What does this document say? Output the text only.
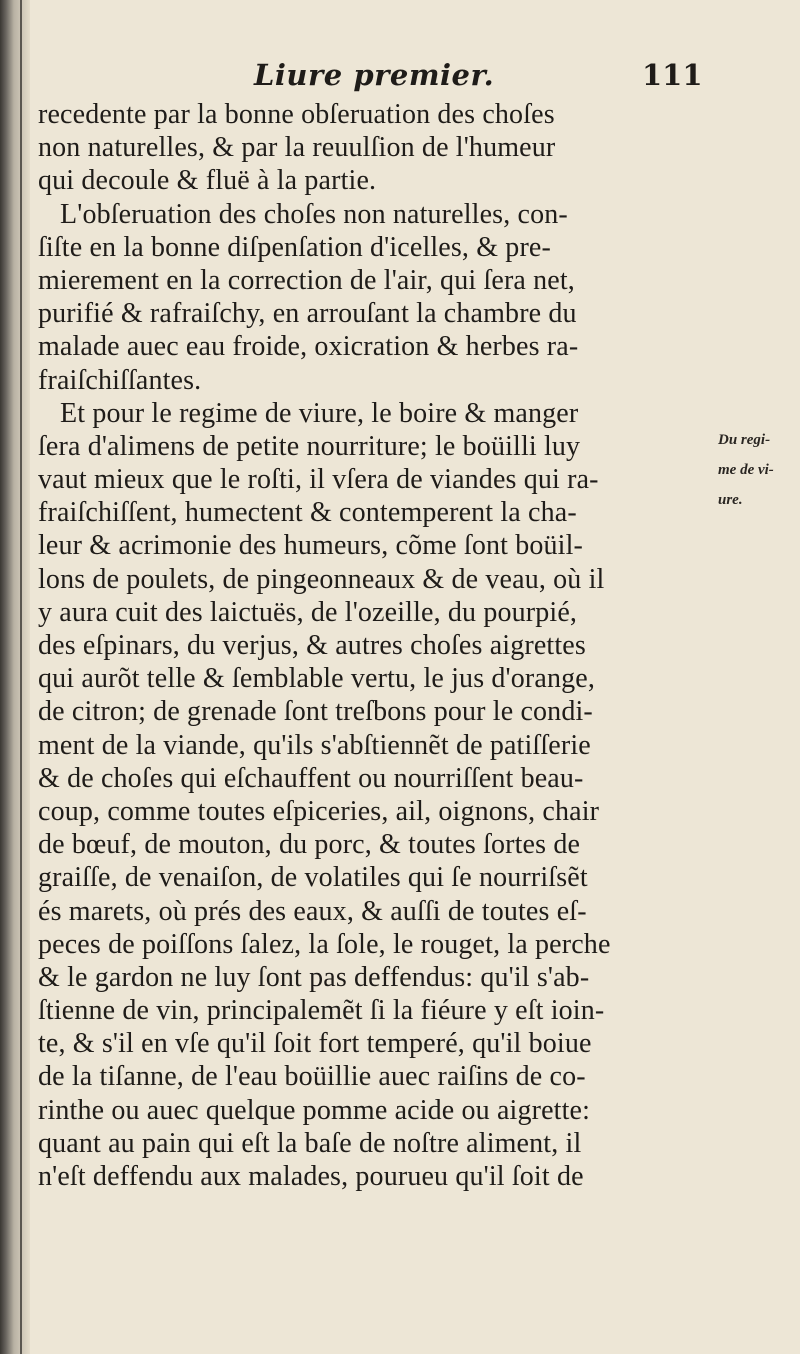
Liure premier.	111
recedente par la bonne obſeruation des choſes
non naturelles, & par la reuulſion de l'humeur
qui decoule & fluë à la partie.
L'obſeruation des choſes non naturelles, con-
ſiſte en la bonne diſpenſation d'icelles, & pre-
mierement en la correction de l'air, qui ſera net,
purifié & rafraiſchy, en arrouſant la chambre du
malade auec eau froide, oxicration & herbes ra-
fraiſchiſſantes.
Et pour le regime de viure, le boire & manger
ſera d'alimens de petite nourriture; le boüilli luy
vaut mieux que le roſti, il vſera de viandes qui ra-
fraiſchiſſent, humectent & contemperent la cha-
leur & acrimonie des humeurs, cõme ſont boüil-
lons de poulets, de pingeonneaux & de veau, où il
y aura cuit des laictuës, de l'ozeille, du pourpié,
des eſpinars, du verjus, & autres choſes aigrettes
qui aurõt telle & ſemblable vertu, le jus d'orange,
de citron; de grenade ſont treſbons pour le condi-
ment de la viande, qu'ils s'abſtiennẽt de patiſſerie
& de choſes qui eſchauffent ou nourriſſent beau-
coup, comme toutes eſpiceries, ail, oignons, chair
de bœuf, de mouton, du porc, & toutes ſortes de
graiſſe, de venaiſon, de volatiles qui ſe nourriſsẽt
és marets, où prés des eaux, & auſſi de toutes eſ-
peces de poiſſons ſalez, la ſole, le rouget, la perche
& le gardon ne luy ſont pas deffendus: qu'il s'ab-
ſtienne de vin, principalemẽt ſi la fiéure y eſt ioin-
te, & s'il en vſe qu'il ſoit fort temperé, qu'il boiue
de la tiſanne, de l'eau boüillie auec raiſins de co-
rinthe ou auec quelque pomme acide ou aigrette:
quant au pain qui eſt la baſe de noſtre aliment, il
n'eſt deffendu aux malades, pourueu qu'il ſoit de
Du regi-
me de vi-
ure.
